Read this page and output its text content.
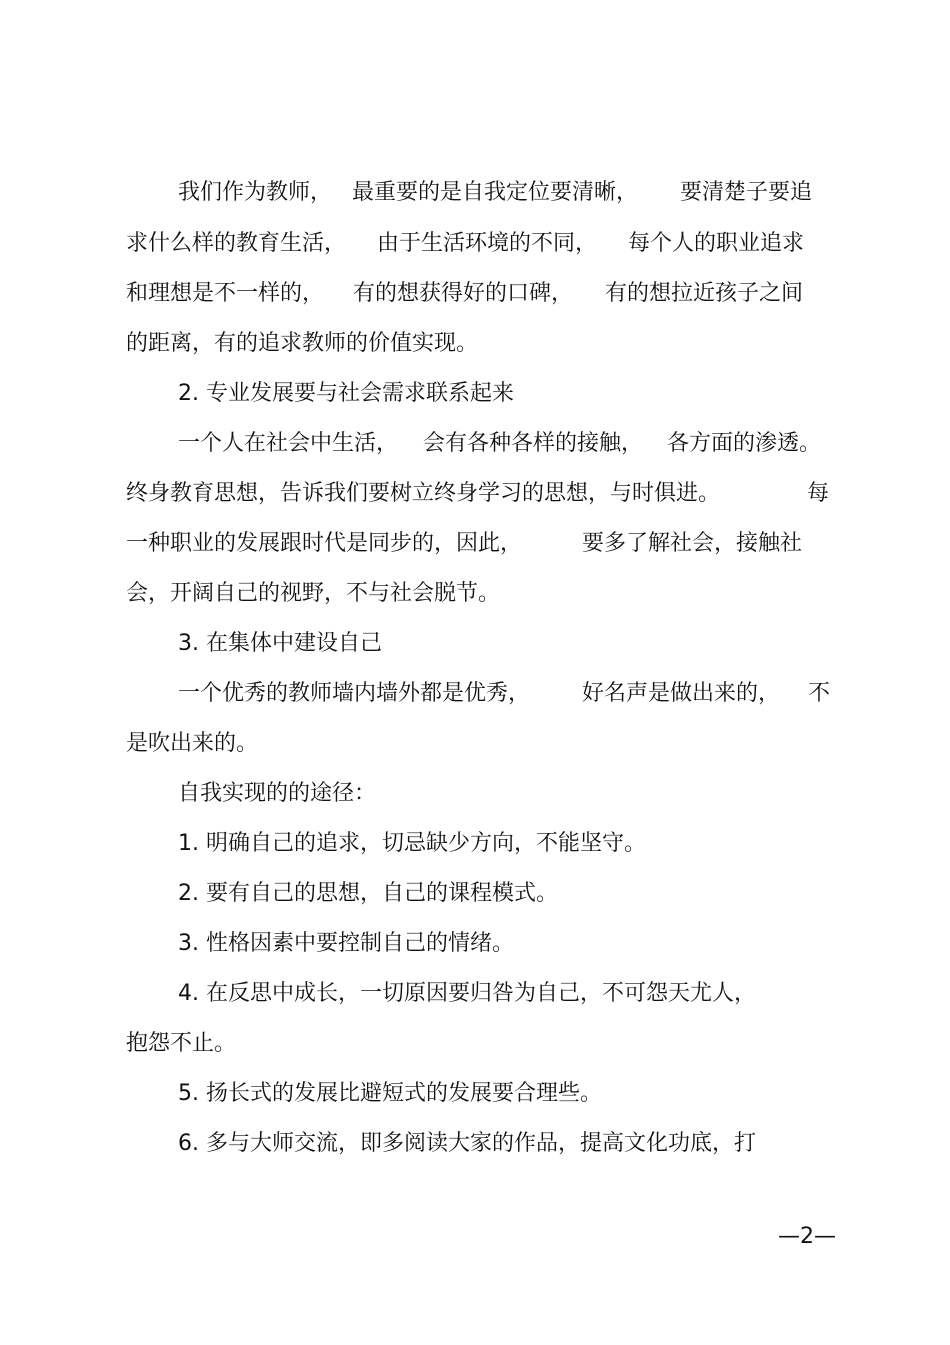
我们作为教师，

最重要的是自我定位要清晰，

要清楚子要追

求什么样的教育生活，

由于生活环境的不同，

每个人的职业追求

和理想是不一样的，

有的想获得好的口碑，

有的想拉近孩子之间

的距离，有的追求教师的价值实现。

2. 专业发展要与社会需求联系起来

一个人在社会中生活，

会有各种各样的接触，

各方面的渗透。

终身教育思想，告诉我们要树立终身学习的思想，与时俱进。

	每

一种职业的发展跟时代是同步的，因此，

	要多了解社会，接触社

会，开阔自己的视野，不与社会脱节。

3. 在集体中建设自己

一个优秀的教师墙内墙外都是优秀，

好名声是做出来的，

不

是吹出来的。

自我实现的的途径：

1. 明确自己的追求，切忌缺少方向，不能坚守。

2. 要有自己的思想，自己的课程模式。

3. 性格因素中要控制自己的情绪。

4. 在反思中成长，一切原因要归咎为自己，不可怨天尤人，

抱怨不止。

5. 扬长式的发展比避短式的发展要合理些。

6. 多与大师交流，即多阅读大家的作品，提高文化功底，打

—2—
